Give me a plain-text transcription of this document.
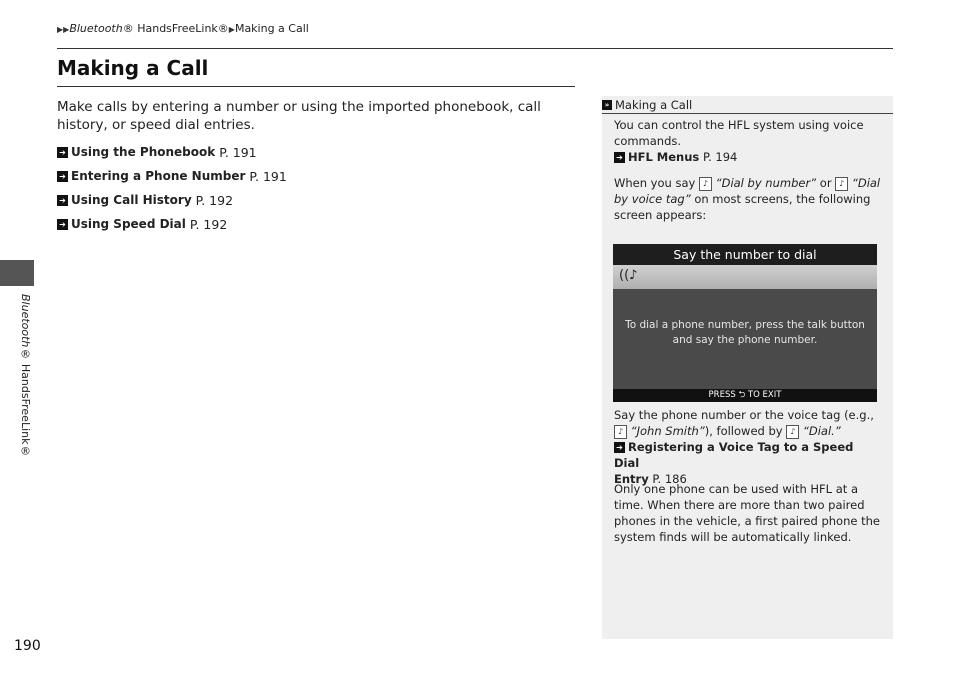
▶▶Bluetooth® HandsFreeLink®▶Making a Call
Making a Call

Make calls by entering a number or using the imported phonebook, call history, or speed dial entries.

➔ Using the Phonebook P. 191
➔ Entering a Phone Number P. 191
➔ Using Call History P. 192
➔ Using Speed Dial P. 192
Bluetooth® HandsFreeLink®
190
» Making a Call
You can control the HFL system using voice commands.
➔ HFL Menus P. 194
When you say ♪ “Dial by number” or ♪ “Dial by voice tag” on most screens, the following screen appears:
Say the phone number or the voice tag (e.g.,
♪ “John Smith”), followed by ♪ “Dial.”
➔ Registering a Voice Tag to a Speed Dial
Entry P. 186
Only one phone can be used with HFL at a time. When there are more than two paired phones in the vehicle, a first paired phone the system finds will be automatically linked.
Say the number to dial
((♪
To dial a phone number, press the talk button and say the phone number.
PRESS ⮌ TO EXIT
